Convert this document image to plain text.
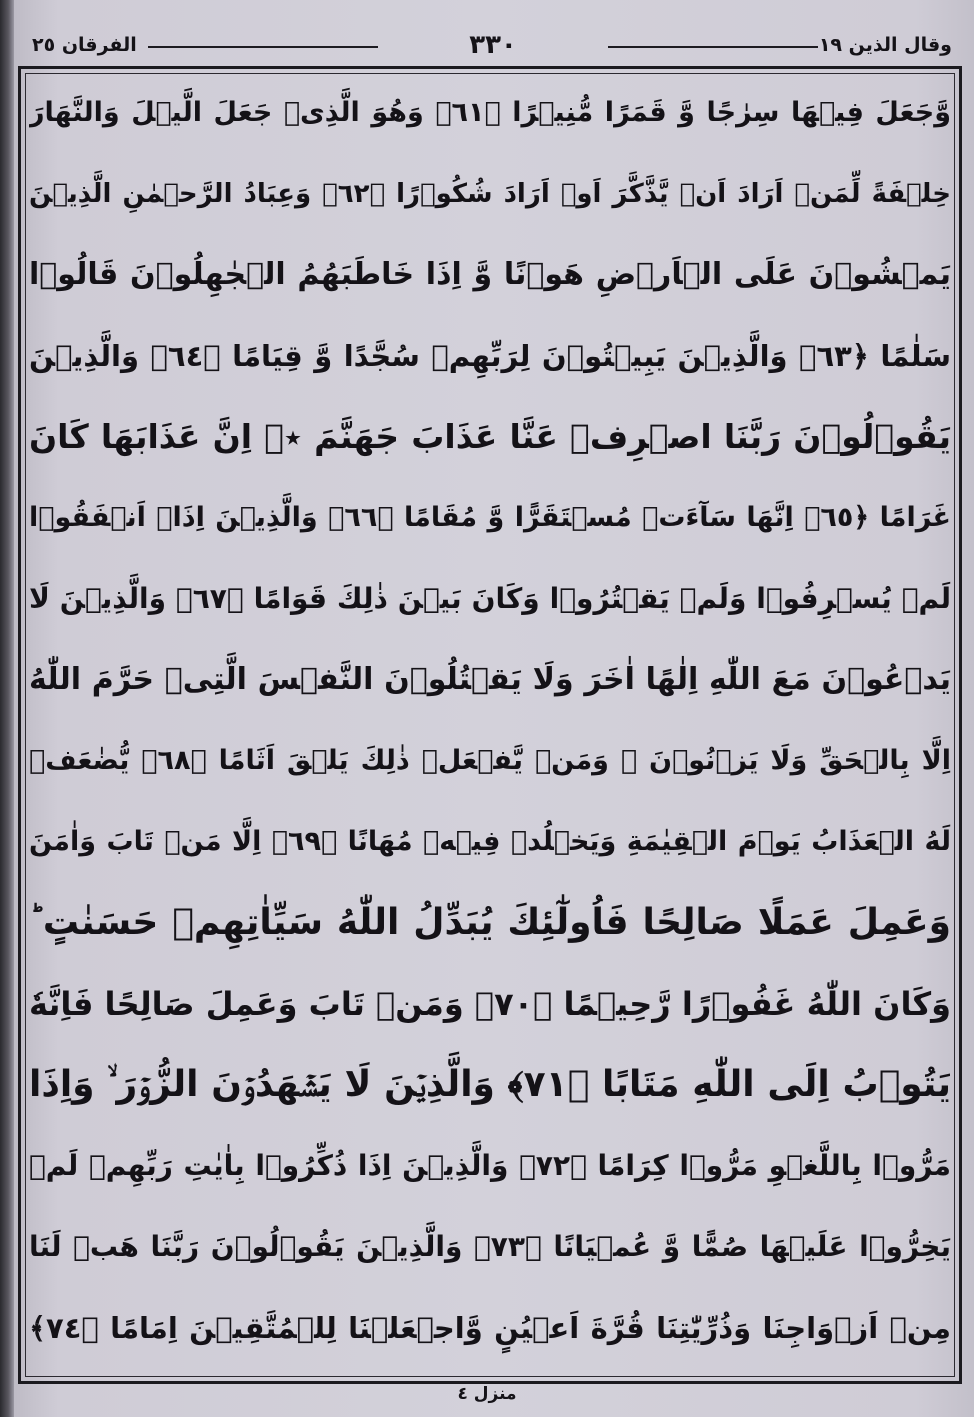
وقال الذين ١٩
٣٣٠
الفرقان ٢٥
وَّجَعَلَ فِیۡهَا سِرٰجًا وَّ قَمَرًا مُّنِیۡرًا ﴿٦١﴾ وَهُوَ الَّذِیۡ جَعَلَ الَّیۡلَ وَالنَّهَارَ
خِلۡفَةً لِّمَنۡ اَرَادَ اَنۡ یَّذَّكَّرَ اَوۡ اَرَادَ شُكُوۡرًا ﴿٦٢﴾ وَعِبَادُ الرَّحۡمٰنِ الَّذِیۡنَ
یَمۡشُوۡنَ عَلَی الۡاَرۡضِ هَوۡنًا وَّ اِذَا خَاطَبَهُمُ الۡجٰهِلُوۡنَ قَالُوۡا
سَلٰمًا ﴿٦٣﴾ وَالَّذِیۡنَ یَبِیۡتُوۡنَ لِرَبِّهِمۡ سُجَّدًا وَّ قِیَامًا ﴿٦٤﴾ وَالَّذِیۡنَ
یَقُوۡلُوۡنَ رَبَّنَا اصۡرِفۡ عَنَّا عَذَابَ جَهَنَّمَ ٭ۖ اِنَّ عَذَابَهَا كَانَ
غَرَامًا ﴿٦٥﴾ اِنَّهَا سَآءَتۡ مُسۡتَقَرًّا وَّ مُقَامًا ﴿٦٦﴾ وَالَّذِیۡنَ اِذَاۤ اَنۡفَقُوۡا
لَمۡ یُسۡرِفُوۡا وَلَمۡ یَقۡتُرُوۡا وَكَانَ بَیۡنَ ذٰلِكَ قَوَامًا ﴿٦٧﴾ وَالَّذِیۡنَ لَا
یَدۡعُوۡنَ مَعَ اللّٰهِ اِلٰهًا اٰخَرَ وَلَا یَقۡتُلُوۡنَ النَّفۡسَ الَّتِیۡ حَرَّمَ اللّٰهُ
اِلَّا بِالۡحَقِّ وَلَا یَزۡنُوۡنَ ۚ وَمَنۡ یَّفۡعَلۡ ذٰلِكَ یَلۡقَ اَثَامًا ﴿٦٨﴾ یُّضٰعَفۡ
لَهُ الۡعَذَابُ یَوۡمَ الۡقِیٰمَةِ وَیَخۡلُدۡ فِیۡهٖ مُهَانًا ﴿٦٩﴾ اِلَّا مَنۡ تَابَ وَاٰمَنَ
وَعَمِلَ عَمَلًا صَالِحًا فَاُولٰٓئِكَ یُبَدِّلُ اللّٰهُ سَیِّاٰتِهِمۡ حَسَنٰتٍ ؕ
وَكَانَ اللّٰهُ غَفُوۡرًا رَّحِیۡمًا ﴿٧٠﴾ وَمَنۡ تَابَ وَعَمِلَ صَالِحًا فَاِنَّهٗ
یَتُوۡبُ اِلَی اللّٰهِ مَتَابًا ﴿٧١﴾ وَالَّذِیۡنَ لَا یَشۡهَدُوۡنَ الزُّوۡرَ ۙ وَاِذَا
مَرُّوۡا بِاللَّغۡوِ مَرُّوۡا كِرَامًا ﴿٧٢﴾ وَالَّذِیۡنَ اِذَا ذُكِّرُوۡا بِاٰیٰتِ رَبِّهِمۡ لَمۡ
یَخِرُّوۡا عَلَیۡهَا صُمًّا وَّ عُمۡیَانًا ﴿٧٣﴾ وَالَّذِیۡنَ یَقُوۡلُوۡنَ رَبَّنَا هَبۡ لَنَا
مِنۡ اَزۡوَاجِنَا وَذُرِّیّٰتِنَا قُرَّةَ اَعۡیُنٍ وَّاجۡعَلۡنَا لِلۡمُتَّقِیۡنَ اِمَامًا ﴿٧٤﴾
منزل ٤
